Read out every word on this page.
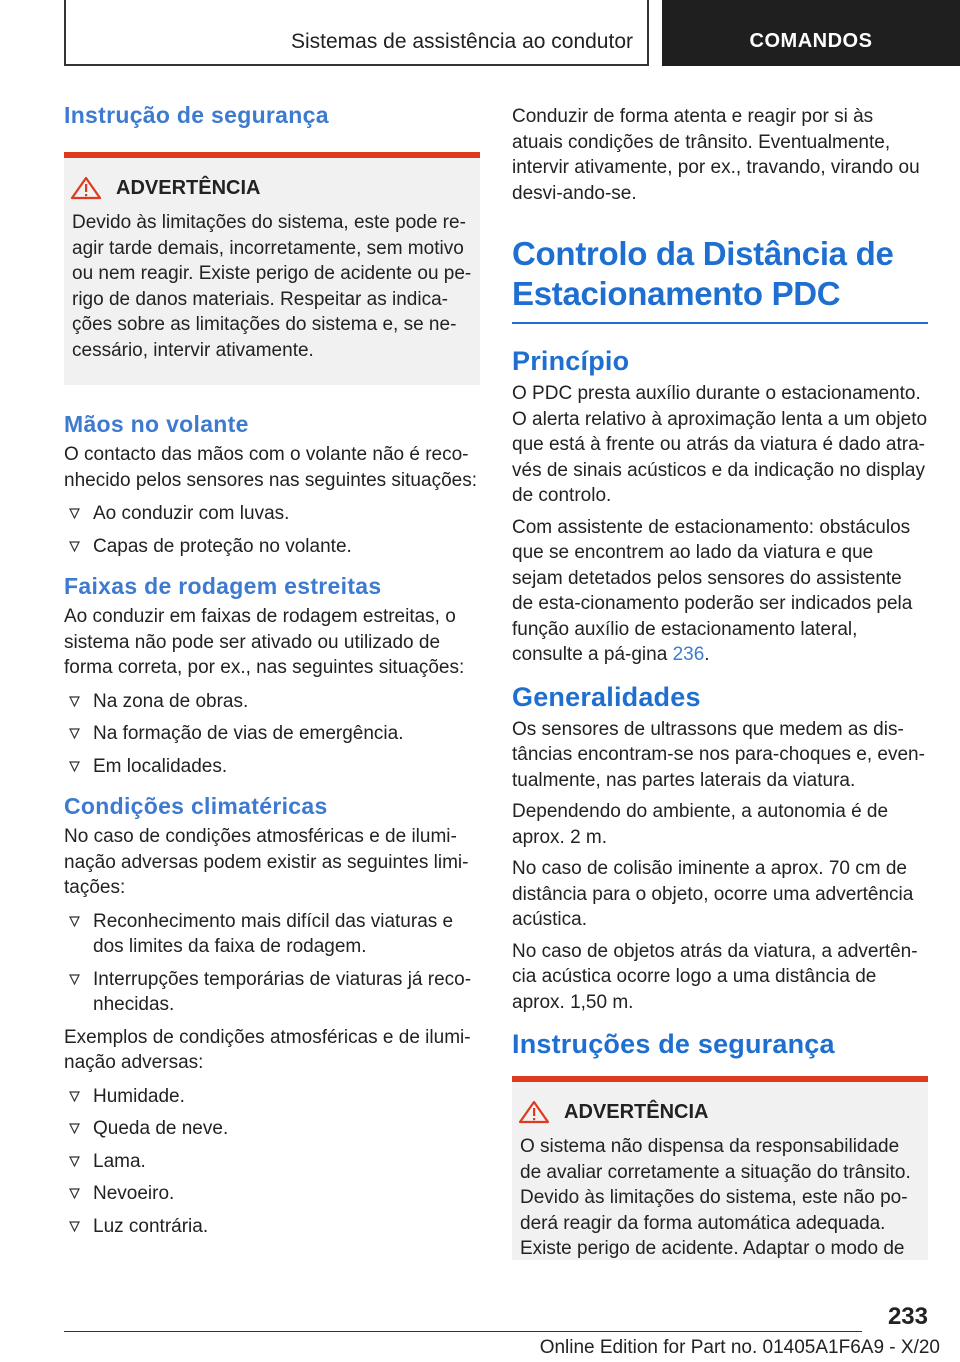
Sistemas de assistência ao condutor	COMANDOS
Instrução de segurança
ADVERTÊNCIA
Devido às limitações do sistema, este pode re-agir tarde demais, incorretamente, sem motivo ou nem reagir. Existe perigo de acidente ou pe-rigo de danos materiais. Respeitar as indica-ções sobre as limitações do sistema e, se ne-cessário, intervir ativamente.
Mãos no volante
O contacto das mãos com o volante não é reco-nhecido pelos sensores nas seguintes situações:
Ao conduzir com luvas.
Capas de proteção no volante.
Faixas de rodagem estreitas
Ao conduzir em faixas de rodagem estreitas, o sistema não pode ser ativado ou utilizado de forma correta, por ex., nas seguintes situações:
Na zona de obras.
Na formação de vias de emergência.
Em localidades.
Condições climatéricas
No caso de condições atmosféricas e de ilumi-nação adversas podem existir as seguintes limi-tações:
Reconhecimento mais difícil das viaturas e dos limites da faixa de rodagem.
Interrupções temporárias de viaturas já reco-nhecidas.
Exemplos de condições atmosféricas e de ilumi-nação adversas:
Humidade.
Queda de neve.
Lama.
Nevoeiro.
Luz contrária.
Conduzir de forma atenta e reagir por si às atuais condições de trânsito. Eventualmente, intervir ativamente, por ex., travando, virando ou desvi-ando-se.
Controlo da Distância de Estacionamento PDC
Princípio
O PDC presta auxílio durante o estacionamento. O alerta relativo à aproximação lenta a um objeto que está à frente ou atrás da viatura é dado atra-vés de sinais acústicos e da indicação no display de controlo.
Com assistente de estacionamento: obstáculos que se encontrem ao lado da viatura e que sejam detetados pelos sensores do assistente de esta-cionamento poderão ser indicados pela função auxílio de estacionamento lateral, consulte a pá-gina 236.
Generalidades
Os sensores de ultrassons que medem as dis-tâncias encontram-se nos para-choques e, even-tualmente, nas partes laterais da viatura.
Dependendo do ambiente, a autonomia é de aprox. 2 m.
No caso de colisão iminente a aprox. 70 cm de distância para o objeto, ocorre uma advertência acústica.
No caso de objetos atrás da viatura, a advertên-cia acústica ocorre logo a uma distância de aprox. 1,50 m.
Instruções de segurança
ADVERTÊNCIA
O sistema não dispensa da responsabilidade de avaliar corretamente a situação do trânsito. Devido às limitações do sistema, este não po-derá reagir da forma automática adequada. Existe perigo de acidente. Adaptar o modo de
233
Online Edition for Part no. 01405A1F6A9 - X/20
